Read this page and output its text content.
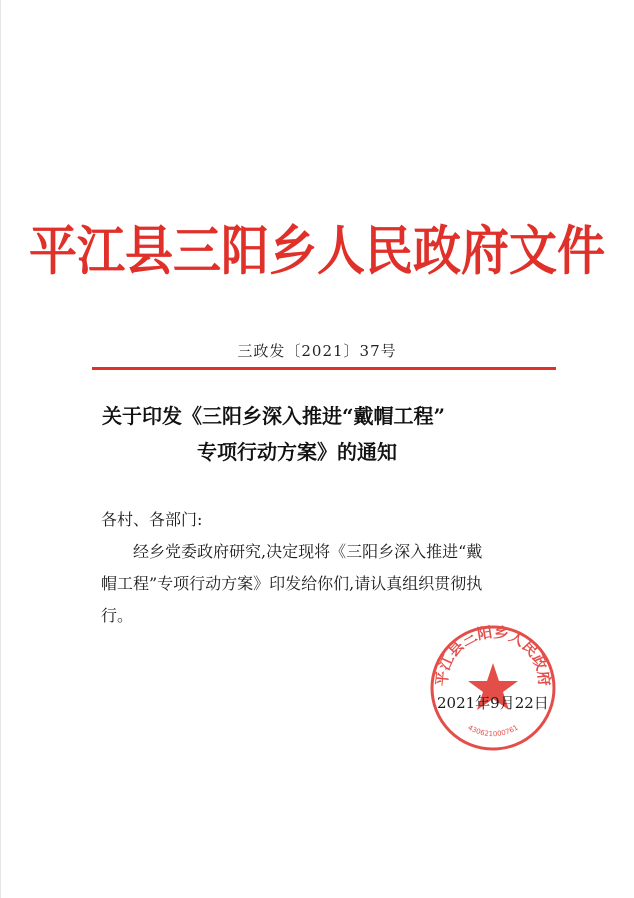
平江县三阳乡人民政府文件
三政发〔2021〕37号
关于印发《三阳乡深入推进“戴帽工程”
专项行动方案》的通知
各村、各部门:
经乡党委政府研究,决定现将《三阳乡深入推进“戴
帽工程”专项行动方案》印发给你们,请认真组织贯彻执
行。
平江县三阳乡人民政府
430621000761
2021年9月22日
